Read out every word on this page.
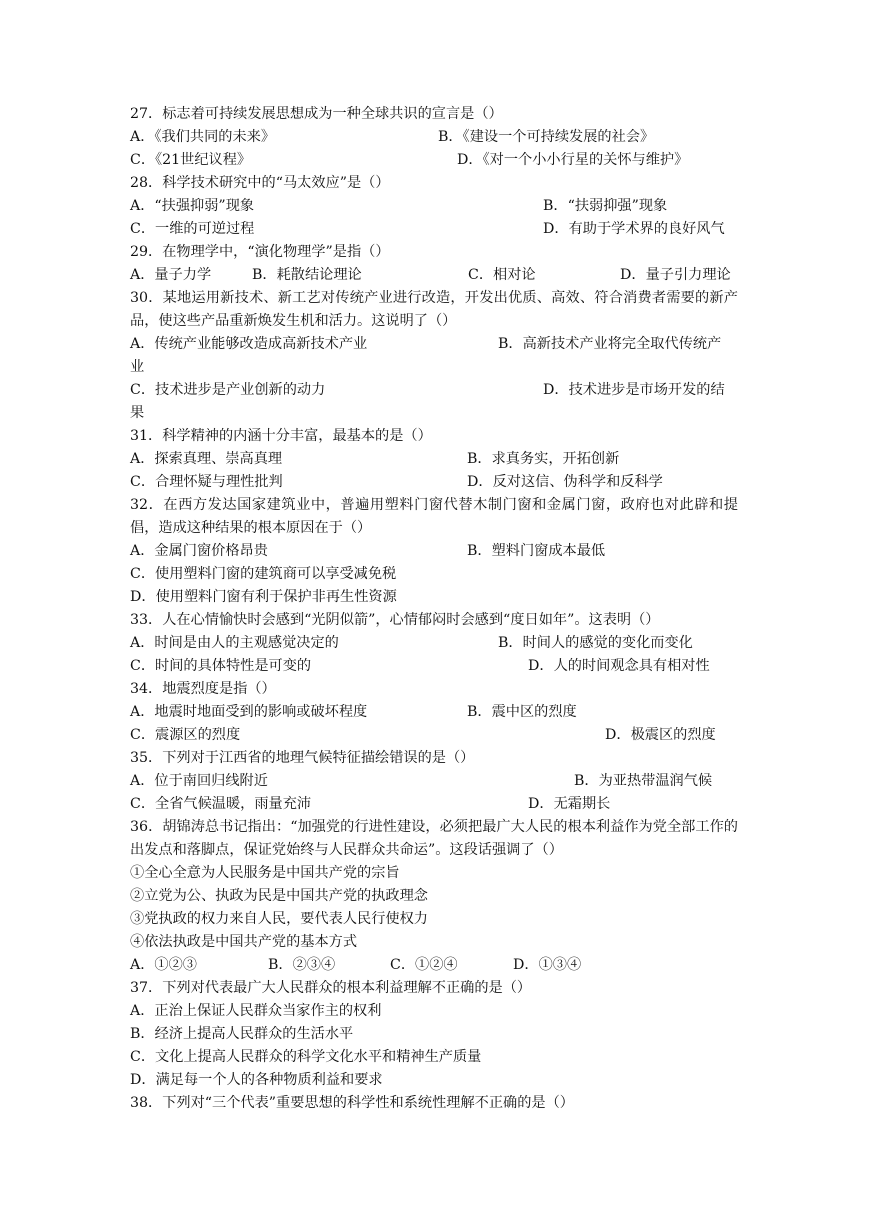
27．标志着可持续发展思想成为一种全球共识的宣言是（）
A．《我们共同的未来》	B．《建设一个可持续发展的社会》
C．《21世纪议程》	D．《对一个小小行星的关怀与维护》
28．科学技术研究中的“马太效应”是（）
A．“扶强抑弱”现象	B．“扶弱抑强”现象
C．一维的可逆过程	D．有助于学术界的良好风气
29．在物理学中，“演化物理学”是指（）
A．量子力学	B．耗散结论理论	C．相对论	D．量子引力理论
30．某地运用新技术、新工艺对传统产业进行改造，开发出优质、高效、符合消费者需要的新产品，使这些产品重新焕发生机和活力。这说明了（）
A．传统产业能够改造成高新技术产业	B．高新技术产业将完全取代传统产
业
C．技术进步是产业创新的动力	D．技术进步是市场开发的结
果
31．科学精神的内涵十分丰富，最基本的是（）
A．探索真理、崇高真理	B．求真务实，开拓创新
C．合理怀疑与理性批判	D．反对这信、伪科学和反科学
32．在西方发达国家建筑业中，普遍用塑料门窗代替木制门窗和金属门窗，政府也对此辟和提倡，造成这种结果的根本原因在于（）
A．金属门窗价格昂贵	B．塑料门窗成本最低
C．使用塑料门窗的建筑商可以享受减免税
D．使用塑料门窗有利于保护非再生性资源
33．人在心情愉快时会感到“光阴似箭”，心情郁闷时会感到“度日如年”。这表明（）
A．时间是由人的主观感觉决定的	B．时间人的感觉的变化而变化
C．时间的具体特性是可变的	D．人的时间观念具有相对性
34．地震烈度是指（）
A．地震时地面受到的影响或破坏程度	B．震中区的烈度
C．震源区的烈度	D．极震区的烈度
35．下列对于江西省的地理气候特征描绘错误的是（）
A．位于南回归线附近	B．为亚热带温润气候
C．全省气候温暖，雨量充沛	D．无霜期长
36．胡锦涛总书记指出：“加强党的行进性建设，必须把最广大人民的根本利益作为党全部工作的出发点和落脚点，保证党始终与人民群众共命运”。这段话强调了（）
①全心全意为人民服务是中国共产党的宗旨
②立党为公、执政为民是中国共产党的执政理念
③党执政的权力来自人民，要代表人民行使权力
④依法执政是中国共产党的基本方式
A．①②③	B．②③④	C．①②④	D．①③④
37．下列对代表最广大人民群众的根本利益理解不正确的是（）
A．正治上保证人民群众当家作主的权利
B．经济上提高人民群众的生活水平
C．文化上提高人民群众的科学文化水平和精神生产质量
D．满足每一个人的各种物质利益和要求
38．下列对“三个代表”重要思想的科学性和系统性理解不正确的是（）
